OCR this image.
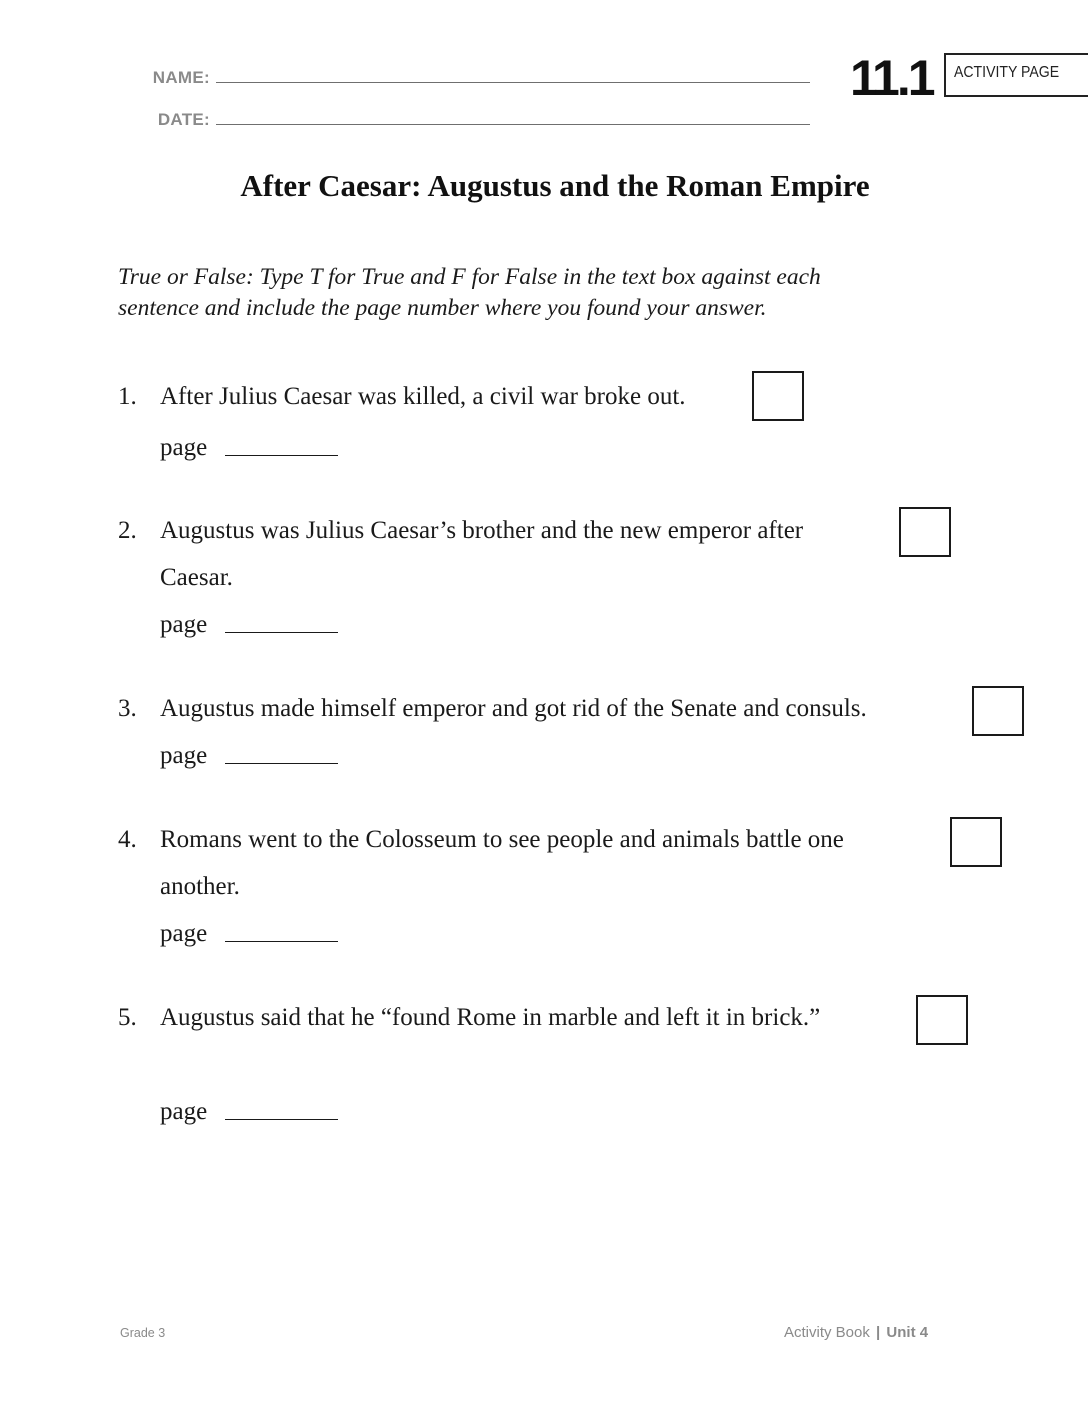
NAME:
DATE:
11.1 ACTIVITY PAGE
After Caesar: Augustus and the Roman Empire
True or False: Type T for True and F for False in the text box against each
sentence and include the page number where you found your answer.
1. After Julius Caesar was killed, a civil war broke out.
page
2. Augustus was Julius Caesar’s brother and the new emperor after
Caesar.
page
3. Augustus made himself emperor and got rid of the Senate and consuls.
page
4. Romans went to the Colosseum to see people and animals battle one
another.
page
5. Augustus said that he “found Rome in marble and left it in brick.”
page
Grade 3	Activity Book | Unit 4
